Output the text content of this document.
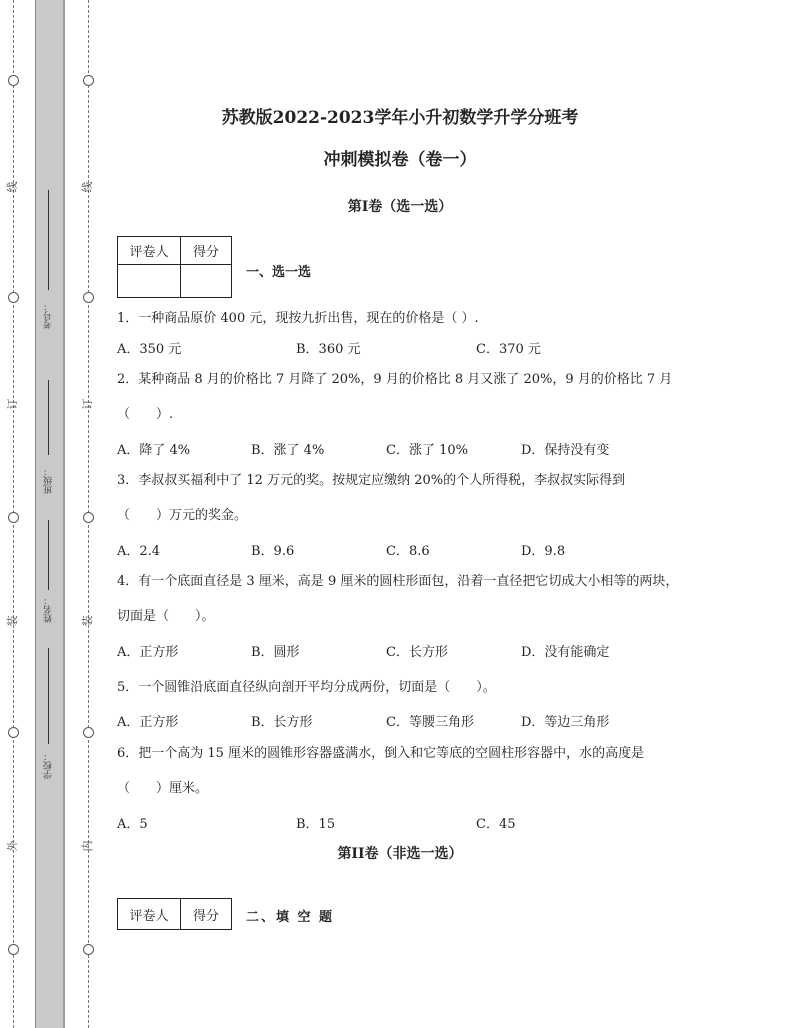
线
订
装
外
线
订
装
内
考号：
班级：
姓名：
学校：
苏教版2022-2023学年小升初数学升学分班考
冲刺模拟卷（卷一）
第I卷（选一选）
评卷人	得分

一、选一选
1．一种商品原价 400 元，现按九折出售，现在的价格是（ ）.
A．350 元	B．360 元	C．370 元
2．某种商品 8 月的价格比 7 月降了 20%，9 月的价格比 8 月又涨了 20%，9 月的价格比 7 月
（　　）.
A．降了 4%	B．涨了 4%	C．涨了 10%	D．保持没有变
3．李叔叔买福利中了 12 万元的奖。按规定应缴纳 20%的个人所得税，李叔叔实际得到
（　　）万元的奖金。
A．2.4	B．9.6	C．8.6	D．9.8
4．有一个底面直径是 3 厘米，高是 9 厘米的圆柱形面包，沿着一直径把它切成大小相等的两块，
切面是（　　）。
A．正方形	B．圆形	C．长方形	D．没有能确定
5．一个圆锥沿底面直径纵向剖开平均分成两份，切面是（　　）。
A．正方形	B．长方形	C．等腰三角形	D．等边三角形
6．把一个高为 15 厘米的圆锥形容器盛满水，倒入和它等底的空圆柱形容器中，水的高度是
（　　）厘米。
A．5	B．15	C．45
第II卷（非选一选）
评卷人	得分 二、填 空 题
